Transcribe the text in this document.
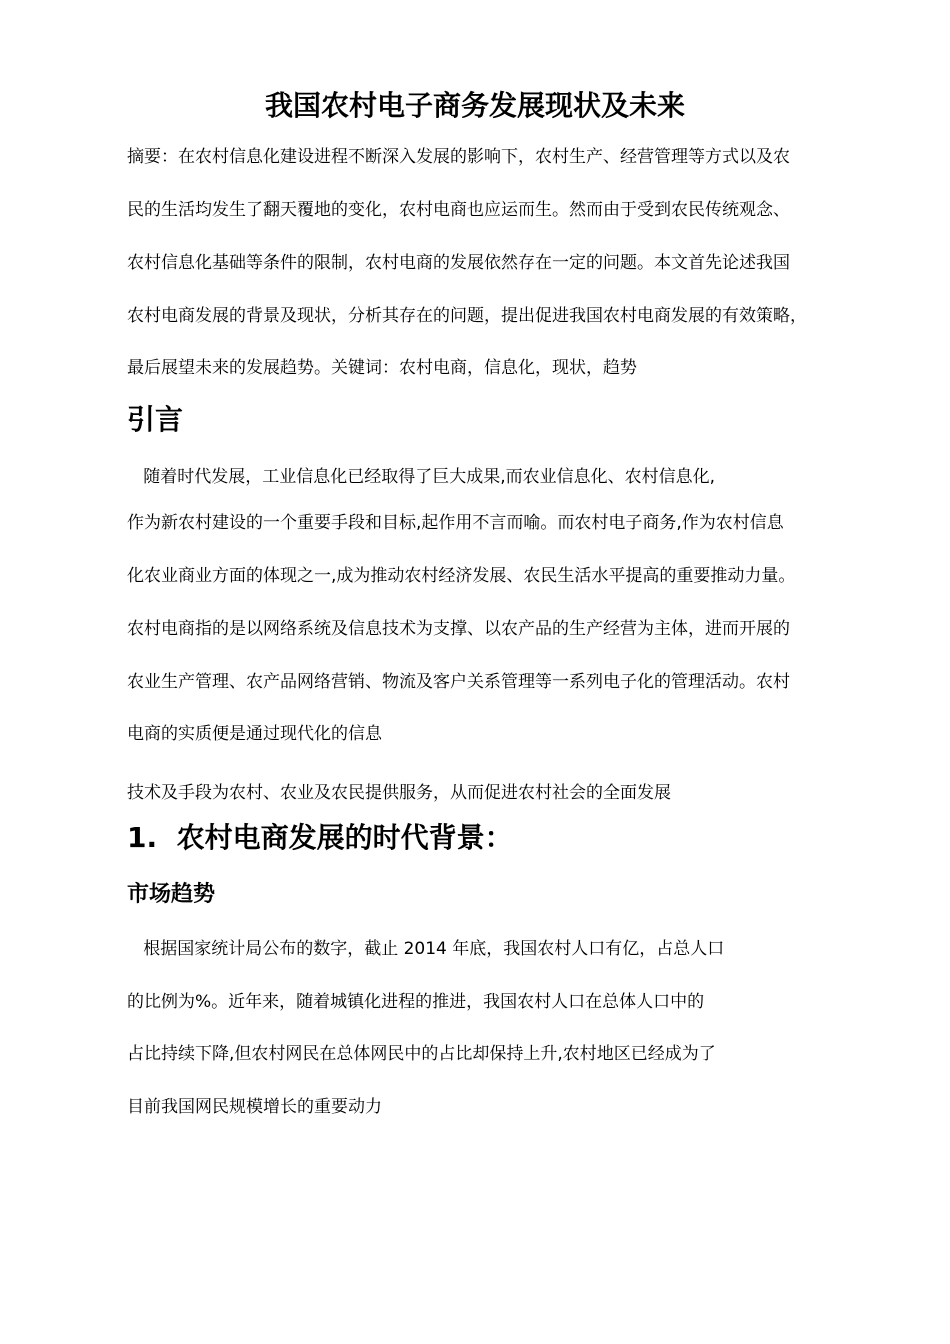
我国农村电子商务发展现状及未来
摘要：在农村信息化建设进程不断深入发展的影响下，农村生产、经营管理等方式以及农
民的生活均发生了翻天覆地的变化，农村电商也应运而生。然而由于受到农民传统观念、
农村信息化基础等条件的限制，农村电商的发展依然存在一定的问题。本文首先论述我国
农村电商发展的背景及现状，分析其存在的问题，提出促进我国农村电商发展的有效策略，
最后展望未来的发展趋势。关键词：农村电商，信息化，现状，趋势
引言
随着时代发展，工业信息化已经取得了巨大成果,而农业信息化、农村信息化,
作为新农村建设的一个重要手段和目标,起作用不言而喻。而农村电子商务,作为农村信息
化农业商业方面的体现之一,成为推动农村经济发展、农民生活水平提高的重要推动力量。
农村电商指的是以网络系统及信息技术为支撑、以农产品的生产经营为主体，进而开展的
农业生产管理、农产品网络营销、物流及客户关系管理等一系列电子化的管理活动。农村
电商的实质便是通过现代化的信息
技术及手段为农村、农业及农民提供服务，从而促进农村社会的全面发展
1.  农村电商发展的时代背景：
市场趋势
根据国家统计局公布的数字，截止 2014 年底，我国农村人口有亿，占总人口
的比例为%。近年来，随着城镇化进程的推进，我国农村人口在总体人口中的
占比持续下降,但农村网民在总体网民中的占比却保持上升,农村地区已经成为了
目前我国网民规模增长的重要动力
